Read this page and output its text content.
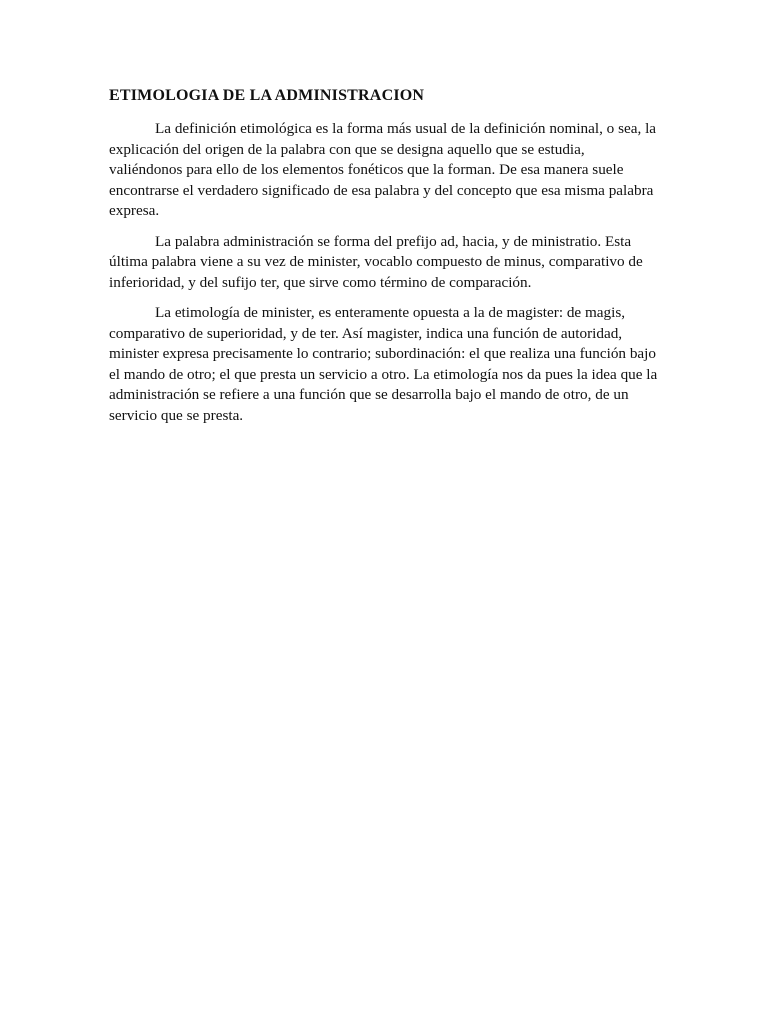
ETIMOLOGIA DE LA ADMINISTRACION

La definición etimológica es la forma más usual de la definición nominal, o sea, la explicación del origen de la palabra con que se designa aquello que se estudia, valiéndonos para ello de los elementos fonéticos que la forman. De esa manera suele encontrarse el verdadero significado de esa palabra y del concepto que esa misma palabra expresa.

La palabra administración se forma del prefijo ad, hacia, y de ministratio. Esta última palabra viene a su vez de minister, vocablo compuesto de minus, comparativo de inferioridad, y del sufijo ter, que sirve como término de comparación.

La etimología de minister, es enteramente opuesta a la de magister: de magis, comparativo de superioridad, y de ter. Así magister, indica una función de autoridad, minister expresa precisamente lo contrario; subordinación: el que realiza una función bajo el mando de otro; el que presta un servicio a otro. La etimología nos da pues la idea que la administración se refiere a una función que se desarrolla bajo el mando de otro, de un servicio que se presta.
